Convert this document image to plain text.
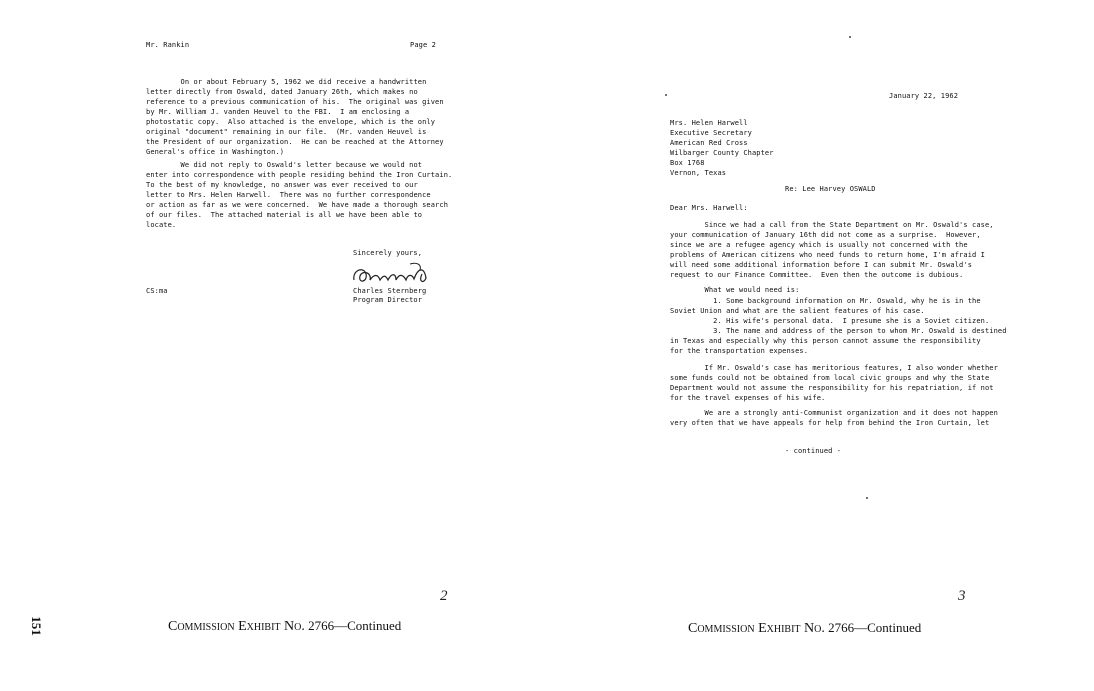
151
Mr. Rankin	Page 2
On or about February 5, 1962 we did receive a handwritten
letter directly from Oswald, dated January 26th, which makes no
reference to a previous communication of his.  The original was given
by Mr. William J. vanden Heuvel to the FBI.  I am enclosing a
photostatic copy.  Also attached is the envelope, which is the only
original "document" remaining in our file.  (Mr. vanden Heuvel is
the President of our organization.  He can be reached at the Attorney
General's office in Washington.)
We did not reply to Oswald's letter because we would not
enter into correspondence with people residing behind the Iron Curtain.
To the best of my knowledge, no answer was ever received to our
letter to Mrs. Helen Harwell.  There was no further correspondence
or action as far as we were concerned.  We have made a thorough search
of our files.  The attached material is all we have been able to
locate.
Sincerely yours,
Charles Sternberg
Program Director
CS:ma
2
Commission Exhibit No. 2766—Continued
January 22, 1962
Mrs. Helen Harwell
Executive Secretary
American Red Cross
Wilbarger County Chapter
Box 1768
Vernon, Texas
Re: Lee Harvey OSWALD
Dear Mrs. Harwell:
Since we had a call from the State Department on Mr. Oswald's case,
your communication of January 16th did not come as a surprise.  However,
since we are a refugee agency which is usually not concerned with the
problems of American citizens who need funds to return home, I'm afraid I
will need some additional information before I can submit Mr. Oswald's
request to our Finance Committee.  Even then the outcome is dubious.
What we would need is:
1. Some background information on Mr. Oswald, why he is in the
Soviet Union and what are the salient features of his case.
2. His wife's personal data.  I presume she is a Soviet citizen.
3. The name and address of the person to whom Mr. Oswald is destined
in Texas and especially why this person cannot assume the responsibility
for the transportation expenses.
If Mr. Oswald's case has meritorious features, I also wonder whether
some funds could not be obtained from local civic groups and why the State
Department would not assume the responsibility for his repatriation, if not
for the travel expenses of his wife.
We are a strongly anti-Communist organization and it does not happen
very often that we have appeals for help from behind the Iron Curtain, let
- continued -
3
Commission Exhibit No. 2766—Continued
